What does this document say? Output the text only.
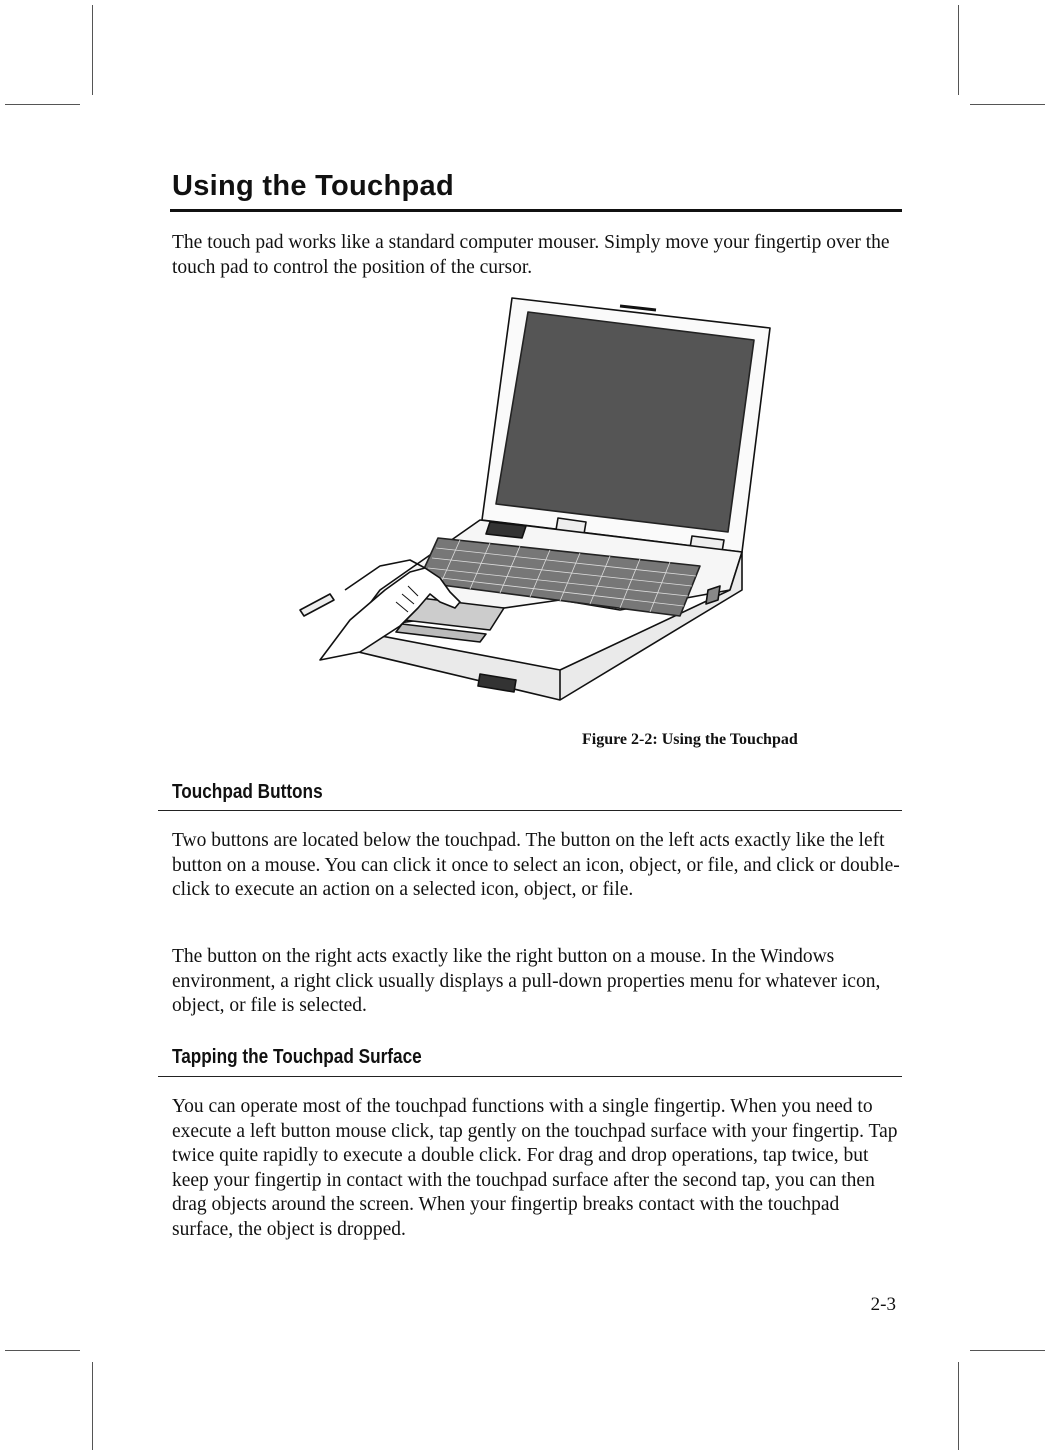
Using the Touchpad

The touch pad works like a standard computer mouser. Simply move your fingertip over the touch pad to control the position of the cursor.

Figure 2-2: Using the Touchpad

Touchpad Buttons

Two buttons are located below the touchpad. The button on the left acts exactly like the left button on a mouse. You can click it once to select an icon, object, or file, and click or double-click to execute an action on a selected icon, object, or file.

The button on the right acts exactly like the right button on a mouse. In the Windows environment, a right click usually displays a pull-down properties menu for whatever icon, object, or file is selected.

Tapping the Touchpad Surface

You can operate most of the touchpad functions with a single fingertip. When you need to execute a left button mouse click, tap gently on the touchpad surface with your fingertip. Tap twice quite rapidly to execute a double click. For drag and drop operations, tap twice, but keep your fingertip in contact with the touchpad surface after the second tap, you can then drag objects around the screen. When your fingertip breaks contact with the touchpad surface, the object is dropped.

2-3
